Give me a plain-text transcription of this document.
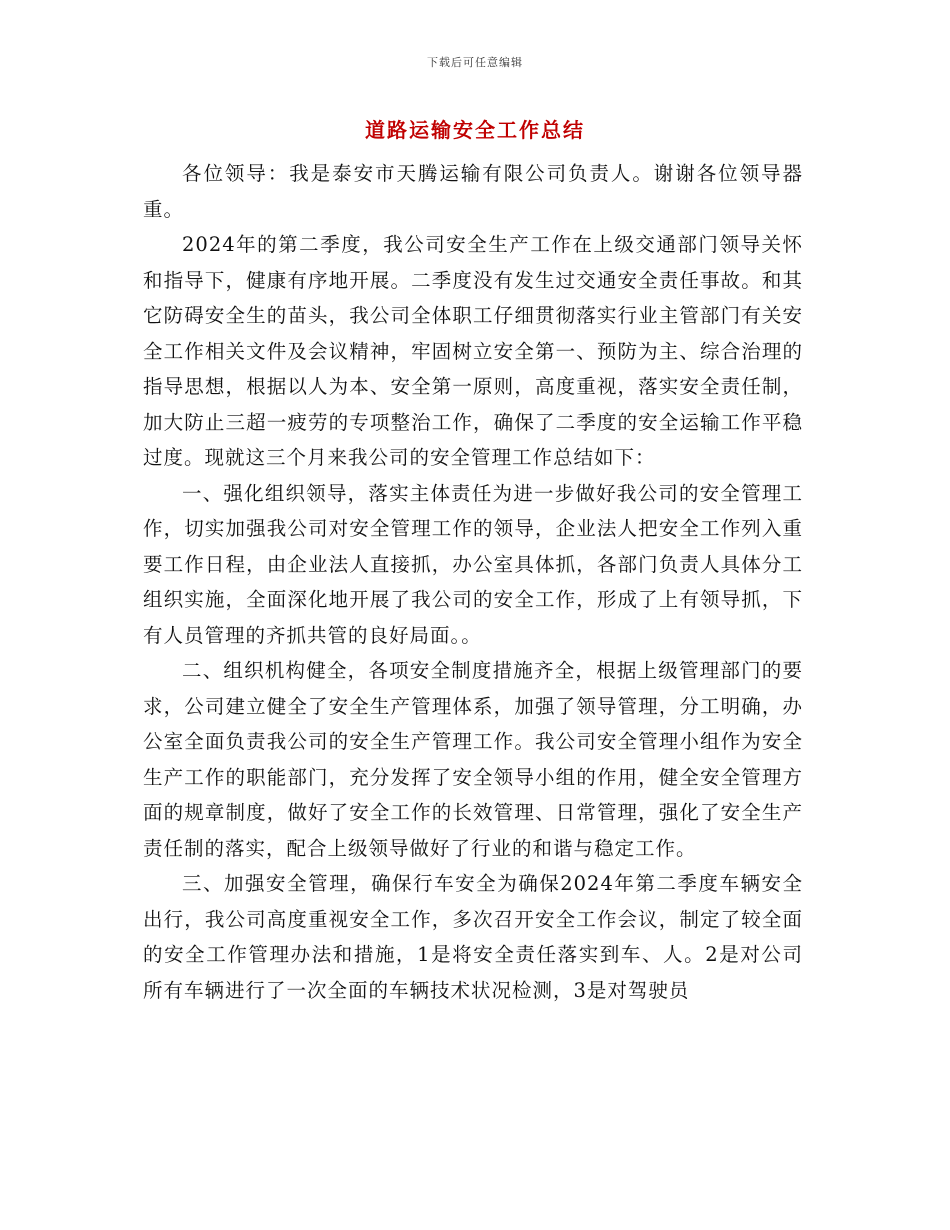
下载后可任意编辑
道路运输安全工作总结

各位领导：我是泰安市天腾运输有限公司负责人。谢谢各位领导器重。

2024年的第二季度，我公司安全生产工作在上级交通部门领导关怀和指导下，健康有序地开展。二季度没有发生过交通安全责任事故。和其它防碍安全生的苗头，我公司全体职工仔细贯彻落实行业主管部门有关安全工作相关文件及会议精神，牢固树立安全第一、预防为主、综合治理的指导思想，根据以人为本、安全第一原则，高度重视，落实安全责任制，加大防止三超一疲劳的专项整治工作，确保了二季度的安全运输工作平稳过度。现就这三个月来我公司的安全管理工作总结如下：

一、强化组织领导，落实主体责任为进一步做好我公司的安全管理工作，切实加强我公司对安全管理工作的领导，企业法人把安全工作列入重要工作日程，由企业法人直接抓，办公室具体抓，各部门负责人具体分工组织实施，全面深化地开展了我公司的安全工作，形成了上有领导抓，下有人员管理的齐抓共管的良好局面。。

二、组织机构健全，各项安全制度措施齐全，根据上级管理部门的要求，公司建立健全了安全生产管理体系，加强了领导管理，分工明确，办公室全面负责我公司的安全生产管理工作。我公司安全管理小组作为安全生产工作的职能部门，充分发挥了安全领导小组的作用，健全安全管理方面的规章制度，做好了安全工作的长效管理、日常管理，强化了安全生产责任制的落实，配合上级领导做好了行业的和谐与稳定工作。

三、加强安全管理，确保行车安全为确保2024年第二季度车辆安全出行，我公司高度重视安全工作，多次召开安全工作会议，制定了较全面的安全工作管理办法和措施，1是将安全责任落实到车、人。2是对公司所有车辆进行了一次全面的车辆技术状况检测，3是对驾驶员
